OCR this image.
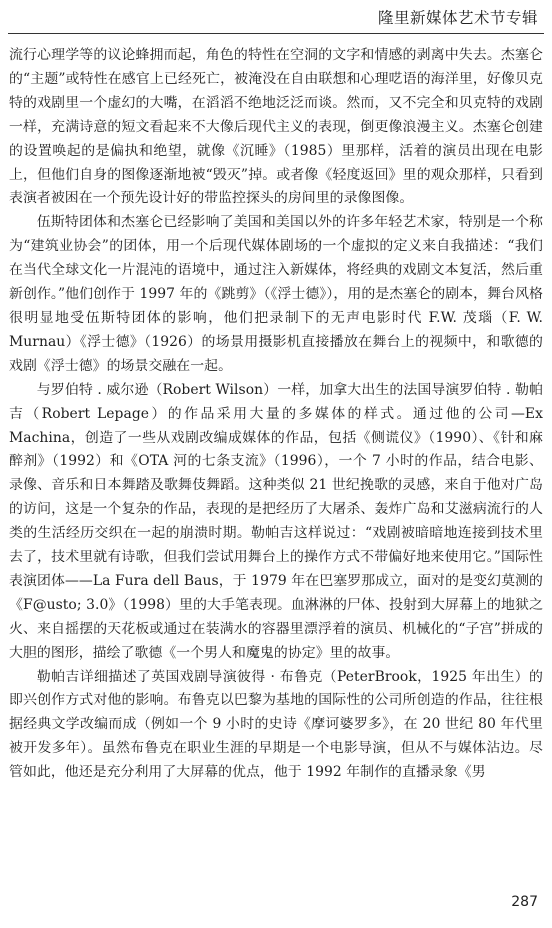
隆里新媒体艺术节专辑

流行心理学等的议论蜂拥而起，角色的特性在空洞的文字和情感的剥离中失去。杰塞仑的“主题”或特性在感官上已经死亡，被淹没在自由联想和心理呓语的海洋里，好像贝克特的戏剧里一个虚幻的大嘴，在滔滔不绝地泛泛而谈。然而，又不完全和贝克特的戏剧一样，充满诗意的短文看起来不大像后现代主义的表现，倒更像浪漫主义。杰塞仑创建的设置唤起的是偏执和绝望，就像《沉睡》（1985）里那样，活着的演员出现在电影上，但他们自身的图像逐渐地被“毁灭”掉。或者像《轻度返回》里的观众那样，只看到表演者被困在一个预先设计好的带监控探头的房间里的录像图像。

伍斯特团体和杰塞仑已经影响了美国和美国以外的许多年轻艺术家，特别是一个称为“建筑业协会”的团体，用一个后现代媒体剧场的一个虚拟的定义来自我描述：“我们在当代全球文化一片混沌的语境中，通过注入新媒体，将经典的戏剧文本复活，然后重新创作。”他们创作于 1997 年的《跳剪》（《浮士德》），用的是杰塞仑的剧本，舞台风格很明显地受伍斯特团体的影响，他们把录制下的无声电影时代 F.W. 茂瑙（F. W. Murnau）《浮士德》（1926）的场景用摄影机直接播放在舞台上的视频中，和歌德的戏剧《浮士德》的场景交融在一起。

与罗伯特 . 威尔逊（Robert Wilson）一样，加拿大出生的法国导演罗伯特 . 勒帕吉（Robert Lepage）的作品采用大量的多媒体的样式。通过他的公司—Ex Machina，创造了一些从戏剧改编成媒体的作品，包括《侧谎仪》（1990）、《针和麻醉剂》（1992）和《OTA 河的七条支流》（1996），一个 7 小时的作品，结合电影、录像、音乐和日本舞踏及歌舞伎舞蹈。这种类似 21 世纪挽歌的灵感，来自于他对广岛的访问，这是一个复杂的作品，表现的是把经历了大屠杀、轰炸广岛和艾滋病流行的人类的生活经历交织在一起的崩溃时期。勒帕吉这样说过：“戏剧被暗暗地连接到技术里去了，技术里就有诗歌，但我们尝试用舞台上的操作方式不带偏好地来使用它。”国际性表演团体——La Fura dell Baus，于 1979 年在巴塞罗那成立，面对的是变幻莫测的《F@usto; 3.0》（1998）里的大手笔表现。血淋淋的尸体、投射到大屏幕上的地狱之火、来自摇摆的天花板或通过在装满水的容器里漂浮着的演员、机械化的“子宫”拼成的大胆的图形，描绘了歌德《一个男人和魔鬼的协定》里的故事。

勒帕吉详细描述了英国戏剧导演彼得 · 布鲁克（PeterBrook，1925 年出生）的即兴创作方式对他的影响。布鲁克以巴黎为基地的国际性的公司所创造的作品，往往根据经典文学改编而成（例如一个 9 小时的史诗《摩诃婆罗多》，在 20 世纪 80 年代里被开发多年）。虽然布鲁克在职业生涯的早期是一个电影导演，但从不与媒体沾边。尽管如此，他还是充分利用了大屏幕的优点，他于 1992 年制作的直播录象《男

287
